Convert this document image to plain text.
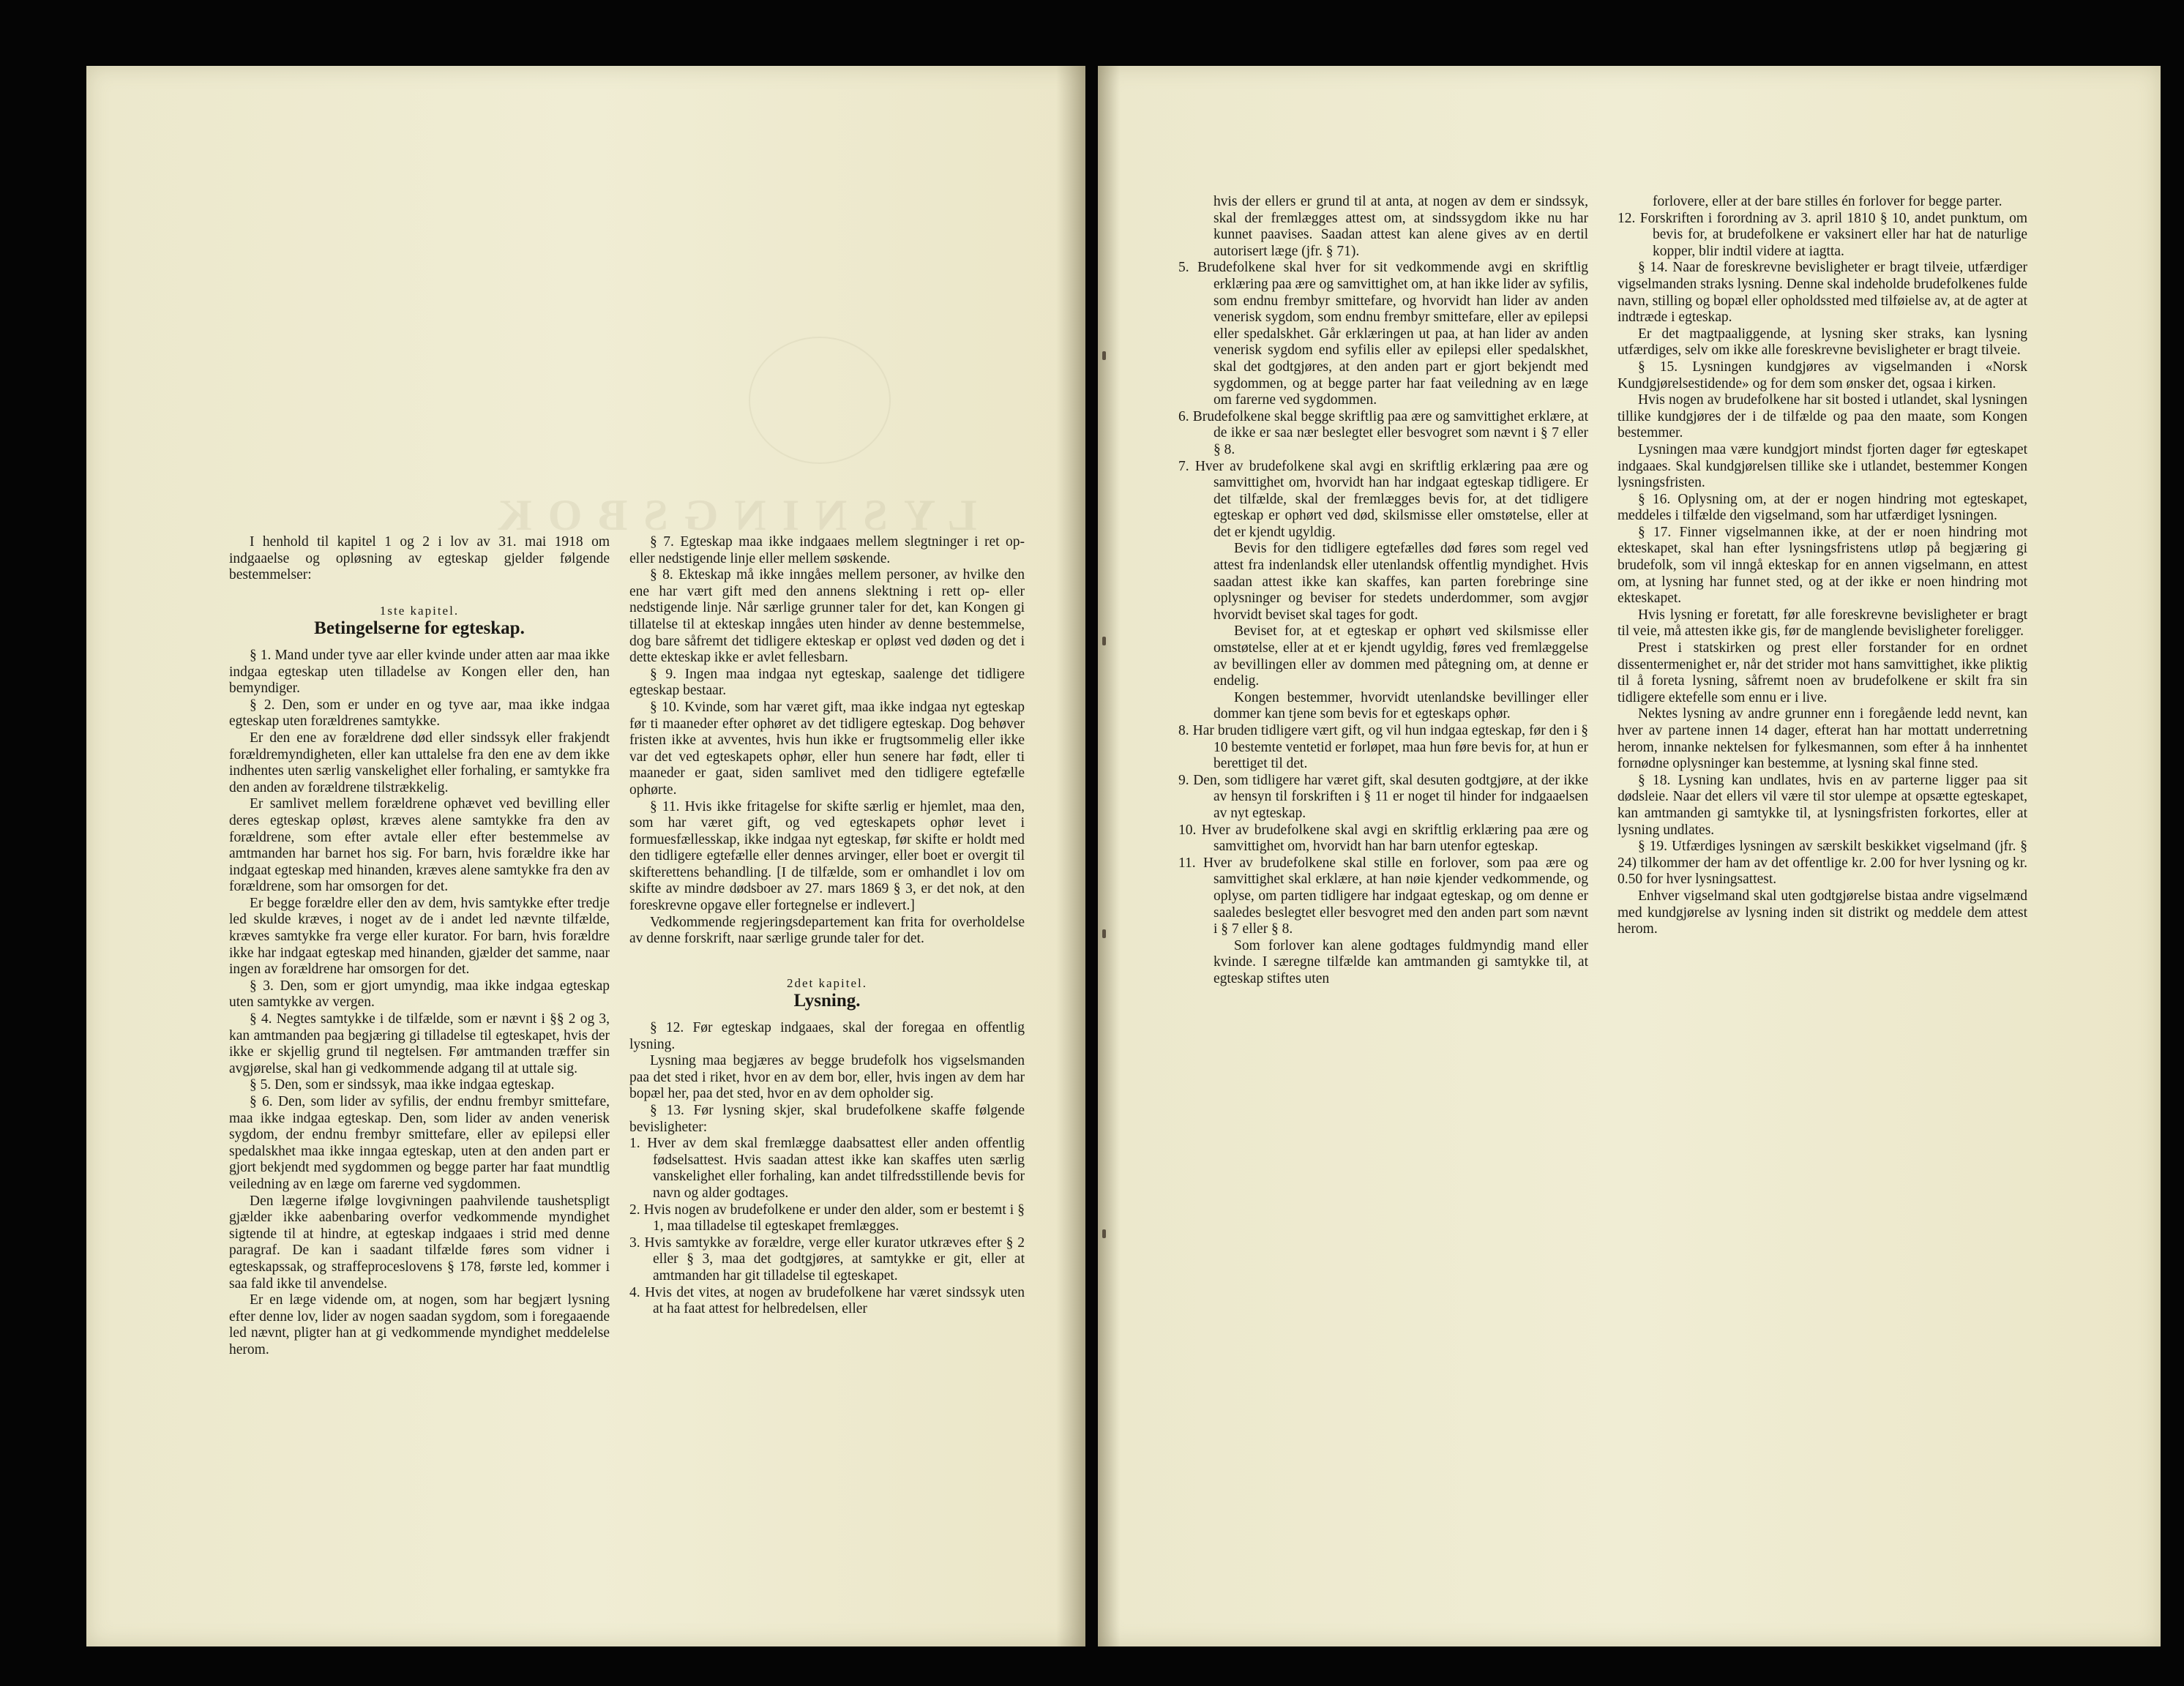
LYSNINGSBOK

I henhold til kapitel 1 og 2 i lov av 31. mai 1918 om indgaaelse og opløsning av egteskap gjelder følgende bestemmelser:

1ste kapitel.
Betingelserne for egteskap.

§ 1. Mand under tyve aar eller kvinde under atten aar maa ikke indgaa egteskap uten tilladelse av Kongen eller den, han bemyndiger.

§ 2. Den, som er under en og tyve aar, maa ikke indgaa egteskap uten forældrenes samtykke.

Er den ene av forældrene død eller sindssyk eller frakjendt forældremyndigheten, eller kan uttalelse fra den ene av dem ikke indhentes uten særlig vanskelighet eller forhaling, er samtykke fra den anden av forældrene tilstrækkelig.

Er samlivet mellem forældrene ophævet ved bevilling eller deres egteskap opløst, kræves alene samtykke fra den av forældrene, som efter avtale eller efter bestemmelse av amtmanden har barnet hos sig. For barn, hvis forældre ikke har indgaat egteskap med hinanden, kræves alene samtykke fra den av forældrene, som har omsorgen for det.

Er begge forældre eller den av dem, hvis samtykke efter tredje led skulde kræves, i noget av de i andet led nævnte tilfælde, kræves samtykke fra verge eller kurator. For barn, hvis forældre ikke har indgaat egteskap med hinanden, gjælder det samme, naar ingen av forældrene har omsorgen for det.

§ 3. Den, som er gjort umyndig, maa ikke indgaa egteskap uten samtykke av vergen.

§ 4. Negtes samtykke i de tilfælde, som er nævnt i §§ 2 og 3, kan amtmanden paa begjæring gi tilladelse til egteskapet, hvis der ikke er skjellig grund til negtelsen. Før amtmanden træffer sin avgjørelse, skal han gi vedkommende adgang til at uttale sig.

§ 5. Den, som er sindssyk, maa ikke indgaa egteskap.

§ 6. Den, som lider av syfilis, der endnu frembyr smittefare, maa ikke indgaa egteskap. Den, som lider av anden venerisk sygdom, der endnu frembyr smittefare, eller av epilepsi eller spedalskhet maa ikke inngaa egteskap, uten at den anden part er gjort bekjendt med sygdommen og begge parter har faat mundtlig veiledning av en læge om farerne ved sygdommen.

Den lægerne ifølge lovgivningen paahvilende taushetspligt gjælder ikke aabenbaring overfor vedkommende myndighet sigtende til at hindre, at egteskap indgaaes i strid med denne paragraf. De kan i saadant tilfælde føres som vidner i egteskapssak, og straffeproceslovens § 178, første led, kommer i saa fald ikke til anvendelse.

Er en læge vidende om, at nogen, som har begjært lysning efter denne lov, lider av nogen saadan sygdom, som i foregaaende led nævnt, pligter han at gi vedkommende myndighet meddelelse herom.

§ 7. Egteskap maa ikke indgaaes mellem slegtninger i ret op- eller nedstigende linje eller mellem søskende.

§ 8. Ekteskap må ikke inngåes mellem personer, av hvilke den ene har vært gift med den annens slektning i rett op- eller nedstigende linje. Når særlige grunner taler for det, kan Kongen gi tillatelse til at ekteskap inngåes uten hinder av denne bestemmelse, dog bare såfremt det tidligere ekteskap er opløst ved døden og det i dette ekteskap ikke er avlet fellesbarn.

§ 9. Ingen maa indgaa nyt egteskap, saalenge det tidligere egteskap bestaar.

§ 10. Kvinde, som har været gift, maa ikke indgaa nyt egteskap før ti maaneder efter ophøret av det tidligere egteskap. Dog behøver fristen ikke at avventes, hvis hun ikke er frugtsommelig eller ikke var det ved egteskapets ophør, eller hun senere har født, eller ti maaneder er gaat, siden samlivet med den tidligere egtefælle ophørte.

§ 11. Hvis ikke fritagelse for skifte særlig er hjemlet, maa den, som har været gift, og ved egteskapets ophør levet i formuesfællesskap, ikke indgaa nyt egteskap, før skifte er holdt med den tidligere egtefælle eller dennes arvinger, eller boet er overgit til skifterettens behandling. [I de tilfælde, som er omhandlet i lov om skifte av mindre dødsboer av 27. mars 1869 § 3, er det nok, at den foreskrevne opgave eller fortegnelse er indlevert.]

Vedkommende regjeringsdepartement kan frita for overholdelse av denne forskrift, naar særlige grunde taler for det.

2det kapitel.
Lysning.

§ 12. Før egteskap indgaaes, skal der foregaa en offentlig lysning.

Lysning maa begjæres av begge brudefolk hos vigselsmanden paa det sted i riket, hvor en av dem bor, eller, hvis ingen av dem har bopæl her, paa det sted, hvor en av dem opholder sig.

§ 13. Før lysning skjer, skal brudefolkene skaffe følgende bevisligheter:

1. Hver av dem skal fremlægge daabsattest eller anden offentlig fødselsattest. Hvis saadan attest ikke kan skaffes uten særlig vanskelighet eller forhaling, kan andet tilfredsstillende bevis for navn og alder godtages.

2. Hvis nogen av brudefolkene er under den alder, som er bestemt i § 1, maa tilladelse til egteskapet fremlægges.

3. Hvis samtykke av forældre, verge eller kurator utkræves efter § 2 eller § 3, maa det godtgjøres, at samtykke er git, eller at amtmanden har git tilladelse til egteskapet.

4. Hvis det vites, at nogen av brudefolkene har været sindssyk uten at ha faat attest for helbredelsen, eller

hvis der ellers er grund til at anta, at nogen av dem er sindssyk, skal der fremlægges attest om, at sindssygdom ikke nu har kunnet paavises. Saadan attest kan alene gives av en dertil autorisert læge (jfr. § 71).

5. Brudefolkene skal hver for sit vedkommende avgi en skriftlig erklæring paa ære og samvittighet om, at han ikke lider av syfilis, som endnu frembyr smittefare, og hvorvidt han lider av anden venerisk sygdom, som endnu frembyr smittefare, eller av epilepsi eller spedalskhet. Går erklæringen ut paa, at han lider av anden venerisk sygdom end syfilis eller av epilepsi eller spedalskhet, skal det godtgjøres, at den anden part er gjort bekjendt med sygdommen, og at begge parter har faat veiledning av en læge om farerne ved sygdommen.

6. Brudefolkene skal begge skriftlig paa ære og samvittighet erklære, at de ikke er saa nær beslegtet eller besvogret som nævnt i § 7 eller § 8.

7. Hver av brudefolkene skal avgi en skriftlig erklæring paa ære og samvittighet om, hvorvidt han har indgaat egteskap tidligere. Er det tilfælde, skal der fremlægges bevis for, at det tidligere egteskap er ophørt ved død, skilsmisse eller omstøtelse, eller at det er kjendt ugyldig.

Bevis for den tidligere egtefælles død føres som regel ved attest fra indenlandsk eller utenlandsk offentlig myndighet. Hvis saadan attest ikke kan skaffes, kan parten forebringe sine oplysninger og beviser for stedets underdommer, som avgjør hvorvidt beviset skal tages for godt.

Beviset for, at et egteskap er ophørt ved skilsmisse eller omstøtelse, eller at et er kjendt ugyldig, føres ved fremlæggelse av bevillingen eller av dommen med påtegning om, at denne er endelig.

Kongen bestemmer, hvorvidt utenlandske bevillinger eller dommer kan tjene som bevis for et egteskaps ophør.

8. Har bruden tidligere vært gift, og vil hun indgaa egteskap, før den i § 10 bestemte ventetid er forløpet, maa hun føre bevis for, at hun er berettiget til det.

9. Den, som tidligere har været gift, skal desuten godtgjøre, at der ikke av hensyn til forskriften i § 11 er noget til hinder for indgaaelsen av nyt egteskap.

10. Hver av brudefolkene skal avgi en skriftlig erklæring paa ære og samvittighet om, hvorvidt han har barn utenfor egteskap.

11. Hver av brudefolkene skal stille en forlover, som paa ære og samvittighet skal erklære, at han nøie kjender vedkommende, og oplyse, om parten tidligere har indgaat egteskap, og om denne er saaledes beslegtet eller besvogret med den anden part som nævnt i § 7 eller § 8.

Som forlover kan alene godtages fuldmyndig mand eller kvinde. I særegne tilfælde kan amtmanden gi samtykke til, at egteskap stiftes uten

forlovere, eller at der bare stilles én forlover for begge parter.

12. Forskriften i forordning av 3. april 1810 § 10, andet punktum, om bevis for, at brudefolkene er vaksinert eller har hat de naturlige kopper, blir indtil videre at iagtta.

§ 14. Naar de foreskrevne bevisligheter er bragt tilveie, utfærdiger vigselmanden straks lysning. Denne skal indeholde brudefolkenes fulde navn, stilling og bopæl eller opholdssted med tilføielse av, at de agter at indtræde i egteskap.

Er det magtpaaliggende, at lysning sker straks, kan lysning utfærdiges, selv om ikke alle foreskrevne bevisligheter er bragt tilveie.

§ 15. Lysningen kundgjøres av vigselmanden i «Norsk Kundgjørelsestidende» og for dem som ønsker det, ogsaa i kirken.

Hvis nogen av brudefolkene har sit bosted i utlandet, skal lysningen tillike kundgjøres der i de tilfælde og paa den maate, som Kongen bestemmer.

Lysningen maa være kundgjort mindst fjorten dager før egteskapet indgaaes. Skal kundgjørelsen tillike ske i utlandet, bestemmer Kongen lysningsfristen.

§ 16. Oplysning om, at der er nogen hindring mot egteskapet, meddeles i tilfælde den vigselmand, som har utfærdiget lysningen.

§ 17. Finner vigselmannen ikke, at der er noen hindring mot ekteskapet, skal han efter lysningsfristens utløp på begjæring gi brudefolk, som vil inngå ekteskap for en annen vigselmann, en attest om, at lysning har funnet sted, og at der ikke er noen hindring mot ekteskapet.

Hvis lysning er foretatt, før alle foreskrevne bevisligheter er bragt til veie, må attesten ikke gis, før de manglende bevisligheter foreligger.

Prest i statskirken og prest eller forstander for en ordnet dissentermenighet er, når det strider mot hans samvittighet, ikke pliktig til å foreta lysning, såfremt noen av brudefolkene er skilt fra sin tidligere ektefelle som ennu er i live.

Nektes lysning av andre grunner enn i foregående ledd nevnt, kan hver av partene innen 14 dager, efterat han har mottatt underretning herom, innanke nektelsen for fylkesmannen, som efter å ha innhentet fornødne oplysninger kan bestemme, at lysning skal finne sted.

§ 18. Lysning kan undlates, hvis en av parterne ligger paa sit dødsleie. Naar det ellers vil være til stor ulempe at opsætte egteskapet, kan amtmanden gi samtykke til, at lysningsfristen forkortes, eller at lysning undlates.

§ 19. Utfærdiges lysningen av særskilt beskikket vigselmand (jfr. § 24) tilkommer der ham av det offentlige kr. 2.00 for hver lysning og kr. 0.50 for hver lysningsattest.

Enhver vigselmand skal uten godtgjørelse bistaa andre vigselmænd med kundgjørelse av lysning inden sit distrikt og meddele dem attest herom.
